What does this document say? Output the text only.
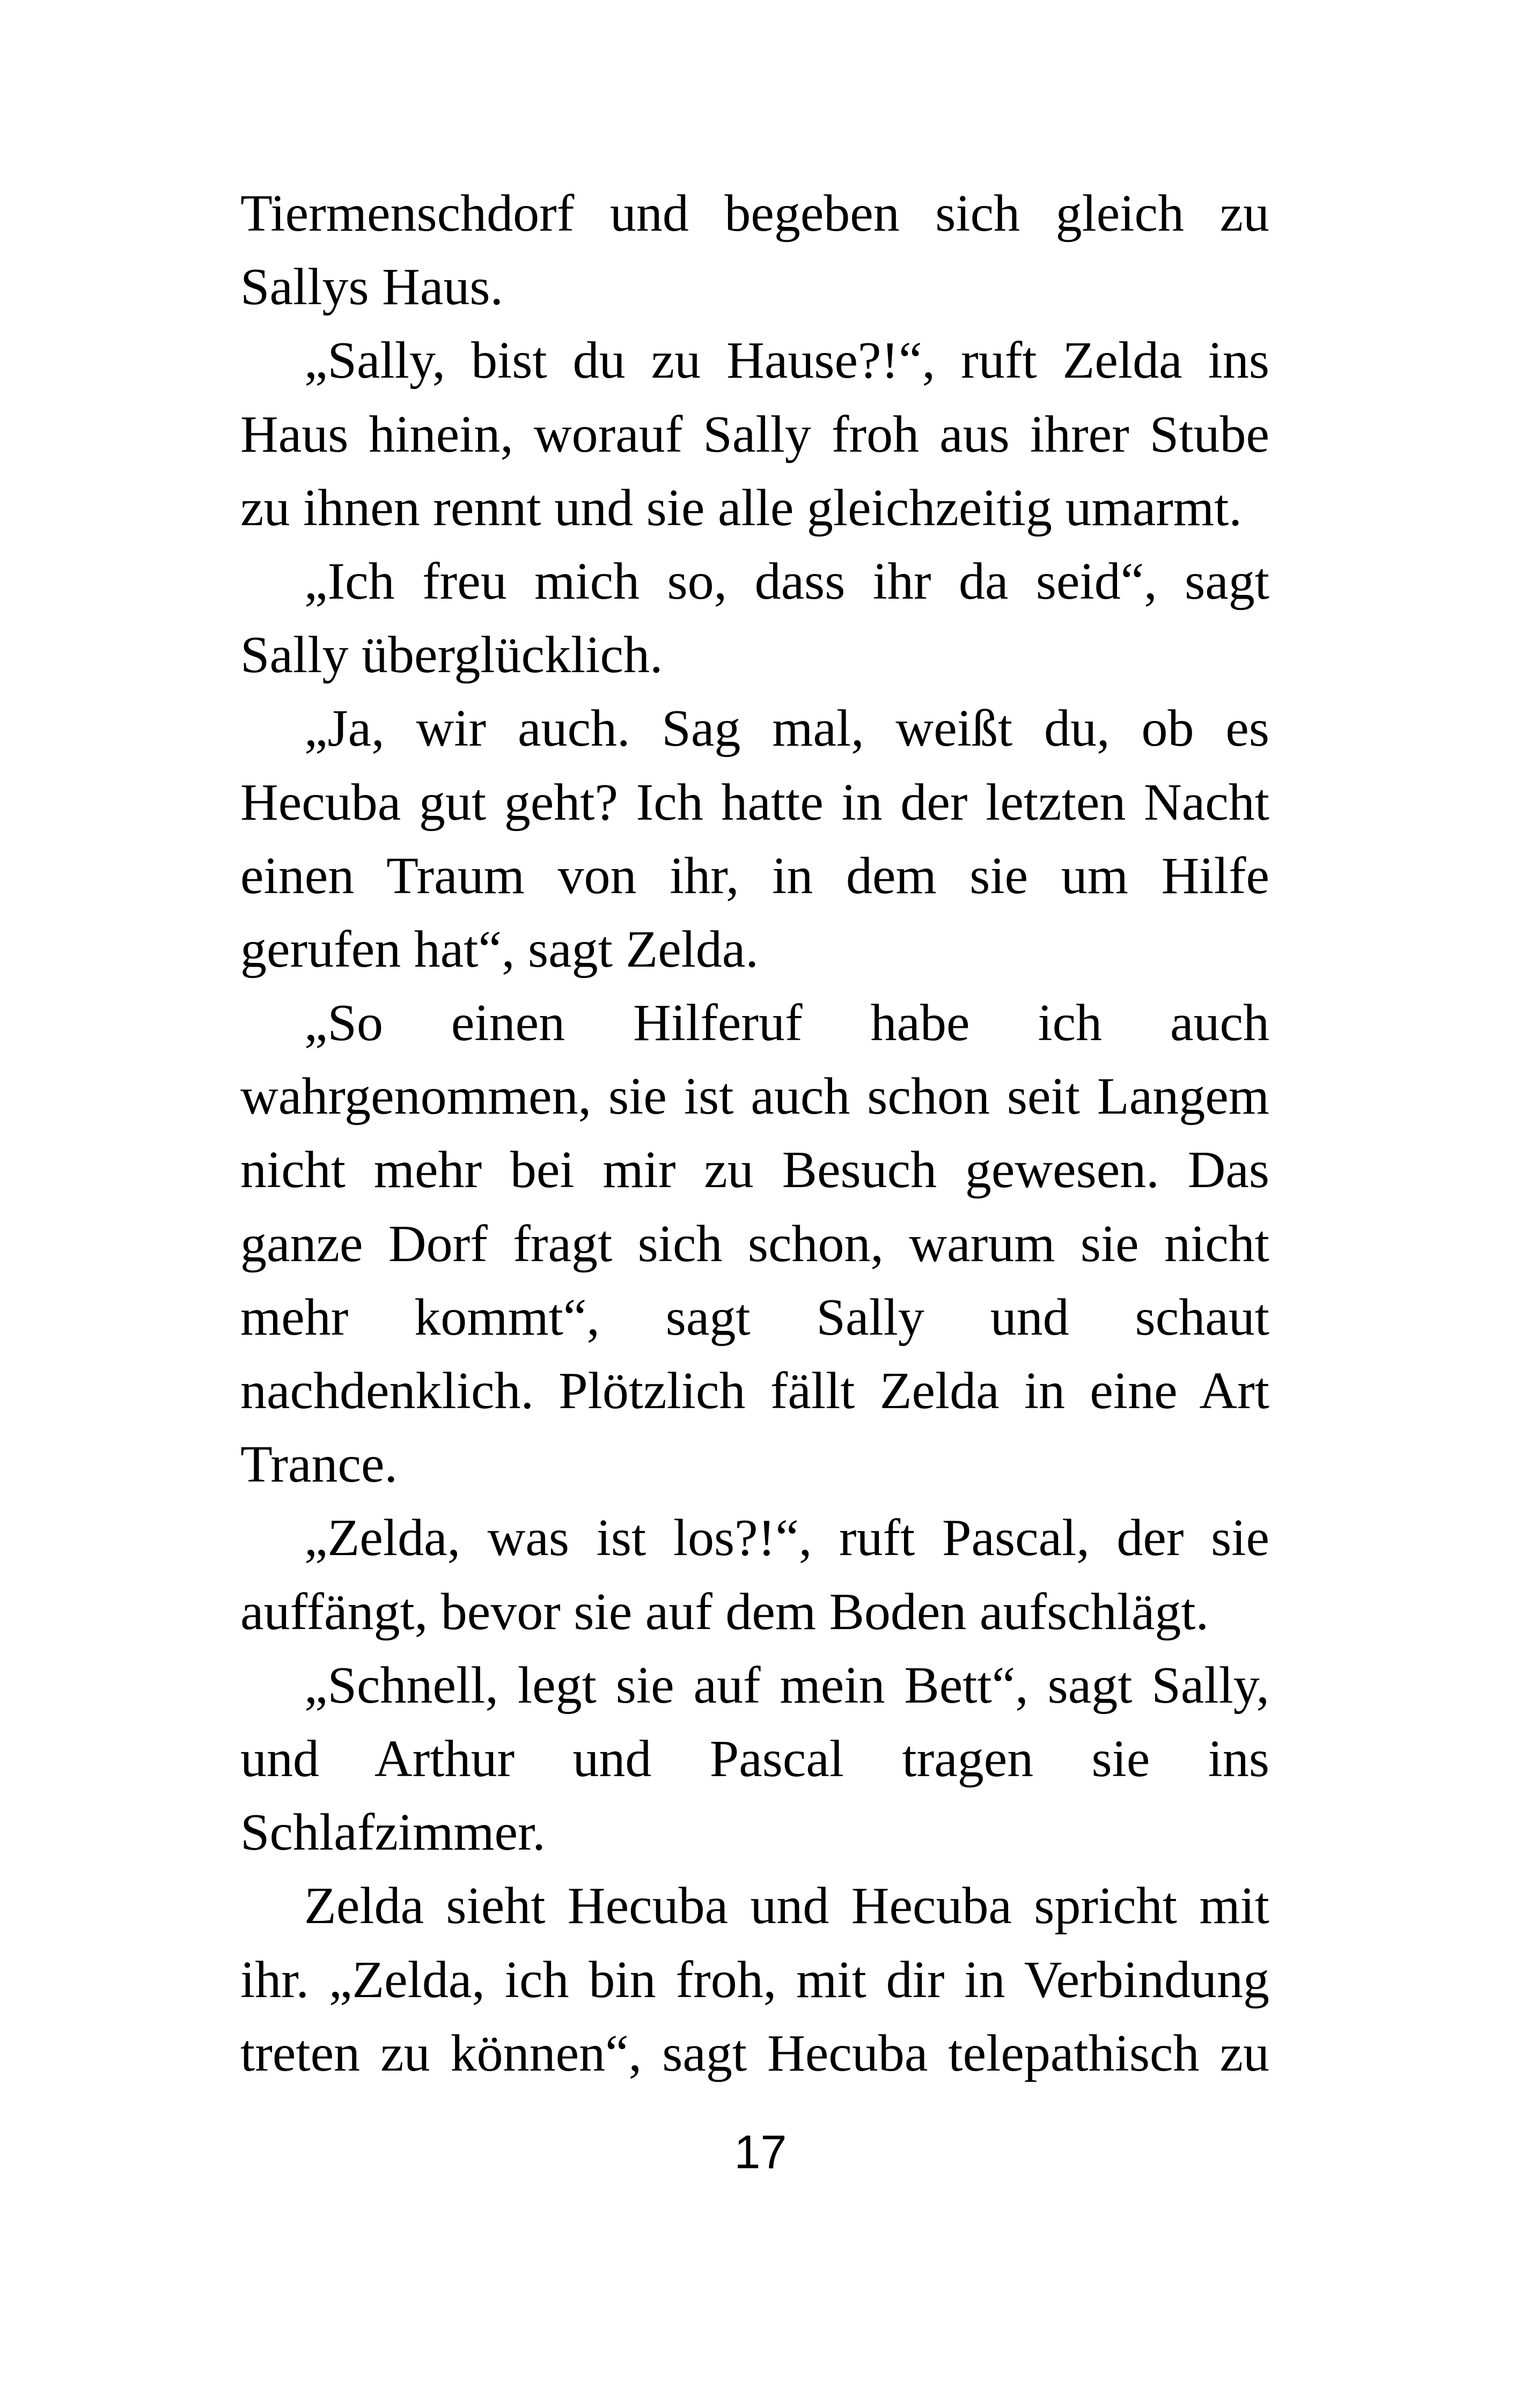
Tiermenschdorf und begeben sich gleich zu
Sallys Haus.
„Sally, bist du zu Hause?!“, ruft Zelda ins
Haus hinein, worauf Sally froh aus ihrer Stube
zu ihnen rennt und sie alle gleichzeitig umarmt.
„Ich freu mich so, dass ihr da seid“, sagt
Sally überglücklich.
„Ja, wir auch. Sag mal, weißt du, ob es
Hecuba gut geht? Ich hatte in der letzten Nacht
einen Traum von ihr, in dem sie um Hilfe
gerufen hat“, sagt Zelda.
„So einen Hilferuf habe ich auch
wahrgenommen, sie ist auch schon seit Langem
nicht mehr bei mir zu Besuch gewesen. Das
ganze Dorf fragt sich schon, warum sie nicht
mehr kommt“, sagt Sally und schaut
nachdenklich. Plötzlich fällt Zelda in eine Art
Trance.
„Zelda, was ist los?!“, ruft Pascal, der sie
auffängt, bevor sie auf dem Boden aufschlägt.
„Schnell, legt sie auf mein Bett“, sagt Sally,
und Arthur und Pascal tragen sie ins
Schlafzimmer.
Zelda sieht Hecuba und Hecuba spricht mit
ihr. „Zelda, ich bin froh, mit dir in Verbindung
treten zu können“, sagt Hecuba telepathisch zu
17
